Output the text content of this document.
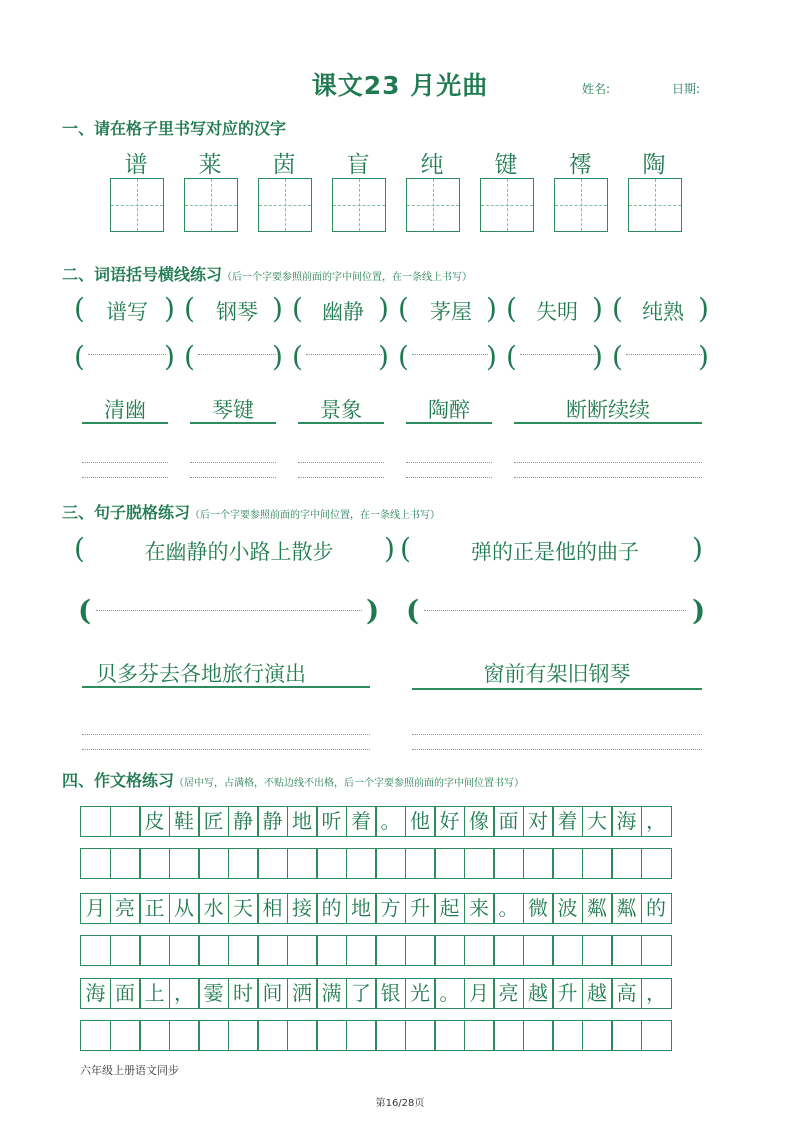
课文23 月光曲	姓名:	日期:
一、请在格子里书写对应的汉字
谱	莱	茵	盲	纯	键	鿅	陶
二、词语括号横线练习（后一个字要参照前面的字中间位置，在一条线上书写）
(	谱写 ) (	钢琴 ) ( 幽静 ) (	茅屋 ) ( 失明 ) ( 纯熟 )
(	) (	) (	) (	) (	) (	)
清幽	琴键	景象	陶醉	断断续续
三、句子脱格练习（后一个字要参照前面的字中间位置，在一条线上书写）
(	在幽静的小路上散步	) (	弹的正是他的曲子	)
(	) (	)
贝多芬去各地旅行演出	窗前有架旧钢琴
四、作文格练习（居中写，占满格，不贴边线不出格，后一个字要参照前面的字中间位置书写）
皮 鞋 匠 静 静 地 听 着 。 他 好 像 面 对 着 大 海 ，
月 亮 正 从 水 天 相 接 的 地 方 升 起 来 。 微 波 粼 粼 的
海 面 上 ， 霎 时 间 洒 满 了 银 光 。 月 亮 越 升 越 高 ，
六年级上册语文同步
第16/28页
